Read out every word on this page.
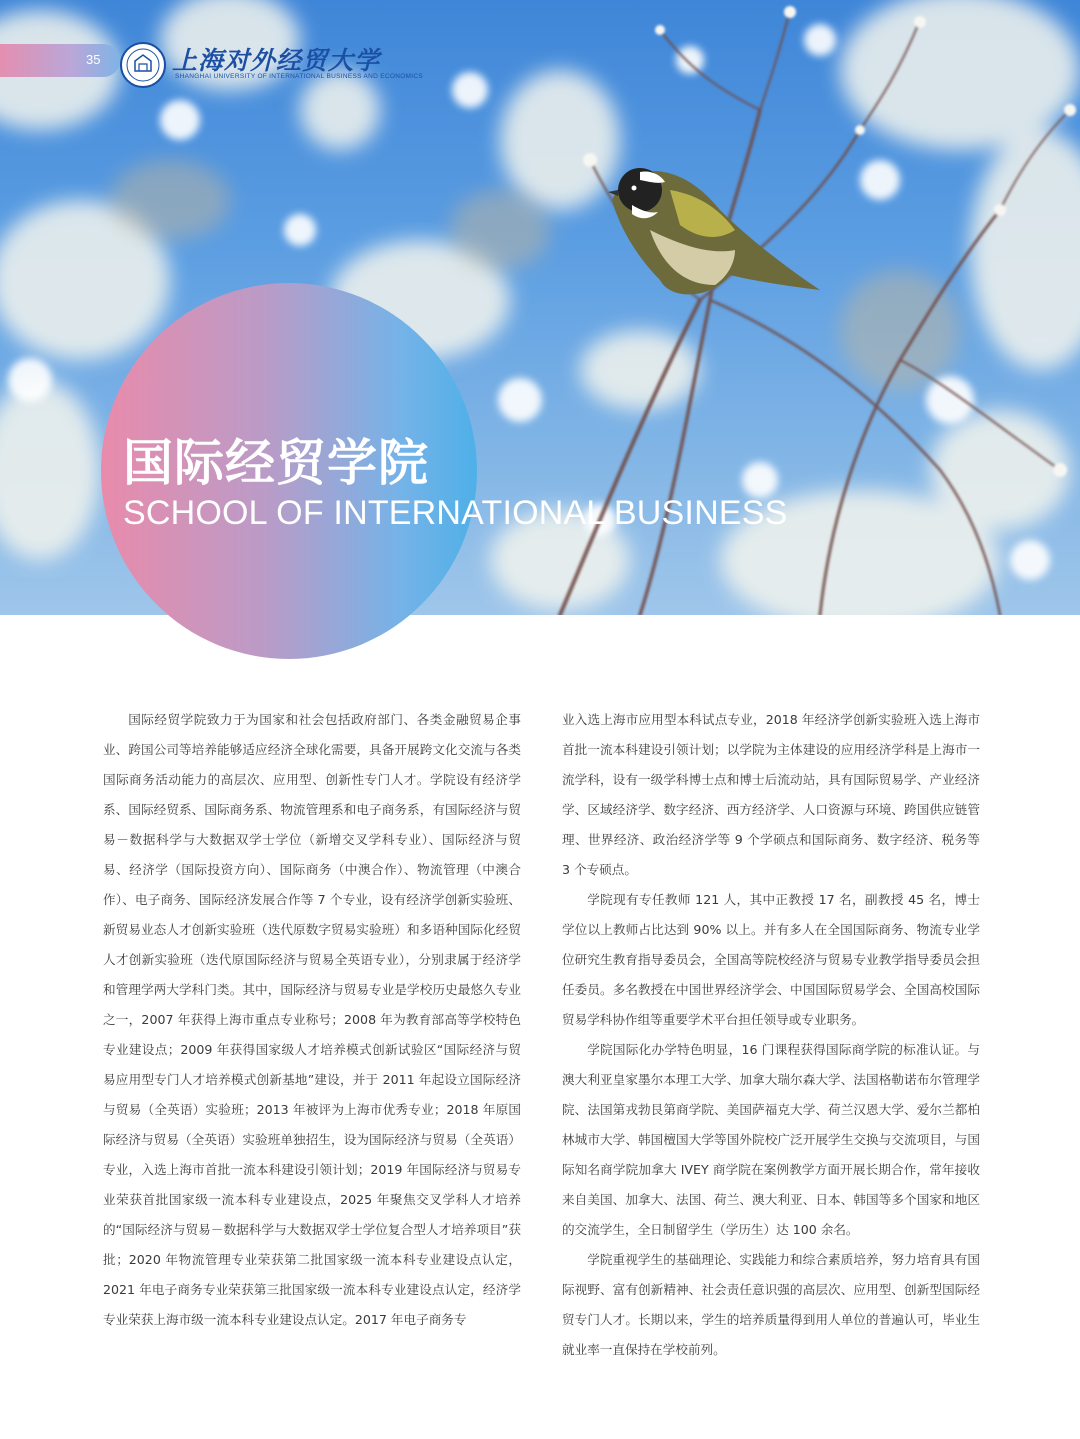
35	上海对外经贸大学
SHANGHAI UNIVERSITY OF INTERNATIONAL BUSINESS AND ECONOMICS
国际经贸学院
SCHOOL OF INTERNATIONAL BUSINESS

国际经贸学院致力于为国家和社会包括政府部门、各类金融贸易企事业、跨国公司等培养能够适应经济全球化需要，具备开展跨文化交流与各类国际商务活动能力的高层次、应用型、创新性专门人才。学院设有经济学系、国际经贸系、国际商务系、物流管理系和电子商务系，有国际经济与贸易－数据科学与大数据双学士学位（新增交叉学科专业）、国际经济与贸易、经济学（国际投资方向）、国际商务（中澳合作）、物流管理（中澳合作）、电子商务、国际经济发展合作等 7 个专业，设有经济学创新实验班、新贸易业态人才创新实验班（迭代原数字贸易实验班）和多语种国际化经贸人才创新实验班（迭代原国际经济与贸易全英语专业），分别隶属于经济学和管理学两大学科门类。其中，国际经济与贸易专业是学校历史最悠久专业之一，2007 年获得上海市重点专业称号；2008 年为教育部高等学校特色专业建设点；2009 年获得国家级人才培养模式创新试验区“国际经济与贸易应用型专门人才培养模式创新基地”建设，并于 2011 年起设立国际经济与贸易（全英语）实验班；2013 年被评为上海市优秀专业；2018 年原国际经济与贸易（全英语）实验班单独招生，设为国际经济与贸易（全英语）专业，入选上海市首批一流本科建设引领计划；2019 年国际经济与贸易专业荣获首批国家级一流本科专业建设点，2025 年聚焦交叉学科人才培养的“国际经济与贸易－数据科学与大数据双学士学位复合型人才培养项目”获批；2020 年物流管理专业荣获第二批国家级一流本科专业建设点认定，2021 年电子商务专业荣获第三批国家级一流本科专业建设点认定，经济学专业荣获上海市级一流本科专业建设点认定。2017 年电子商务专

业入选上海市应用型本科试点专业，2018 年经济学创新实验班入选上海市首批一流本科建设引领计划；以学院为主体建设的应用经济学科是上海市一流学科，设有一级学科博士点和博士后流动站，具有国际贸易学、产业经济学、区域经济学、数字经济、西方经济学、人口资源与环境、跨国供应链管理、世界经济、政治经济学等 9 个学硕点和国际商务、数字经济、税务等 3 个专硕点。

学院现有专任教师 121 人，其中正教授 17 名，副教授 45 名，博士学位以上教师占比达到 90% 以上。并有多人在全国国际商务、物流专业学位研究生教育指导委员会，全国高等院校经济与贸易专业教学指导委员会担任委员。多名教授在中国世界经济学会、中国国际贸易学会、全国高校国际贸易学科协作组等重要学术平台担任领导或专业职务。

学院国际化办学特色明显，16 门课程获得国际商学院的标准认证。与澳大利亚皇家墨尔本理工大学、加拿大瑞尔森大学、法国格勒诺布尔管理学院、法国第戎勃艮第商学院、美国萨福克大学、荷兰汉恩大学、爱尔兰都柏林城市大学、韩国檀国大学等国外院校广泛开展学生交换与交流项目，与国际知名商学院加拿大 IVEY 商学院在案例教学方面开展长期合作，常年接收来自美国、加拿大、法国、荷兰、澳大利亚、日本、韩国等多个国家和地区的交流学生，全日制留学生（学历生）达 100 余名。

学院重视学生的基础理论、实践能力和综合素质培养，努力培育具有国际视野、富有创新精神、社会责任意识强的高层次、应用型、创新型国际经贸专门人才。长期以来，学生的培养质量得到用人单位的普遍认可，毕业生就业率一直保持在学校前列。
